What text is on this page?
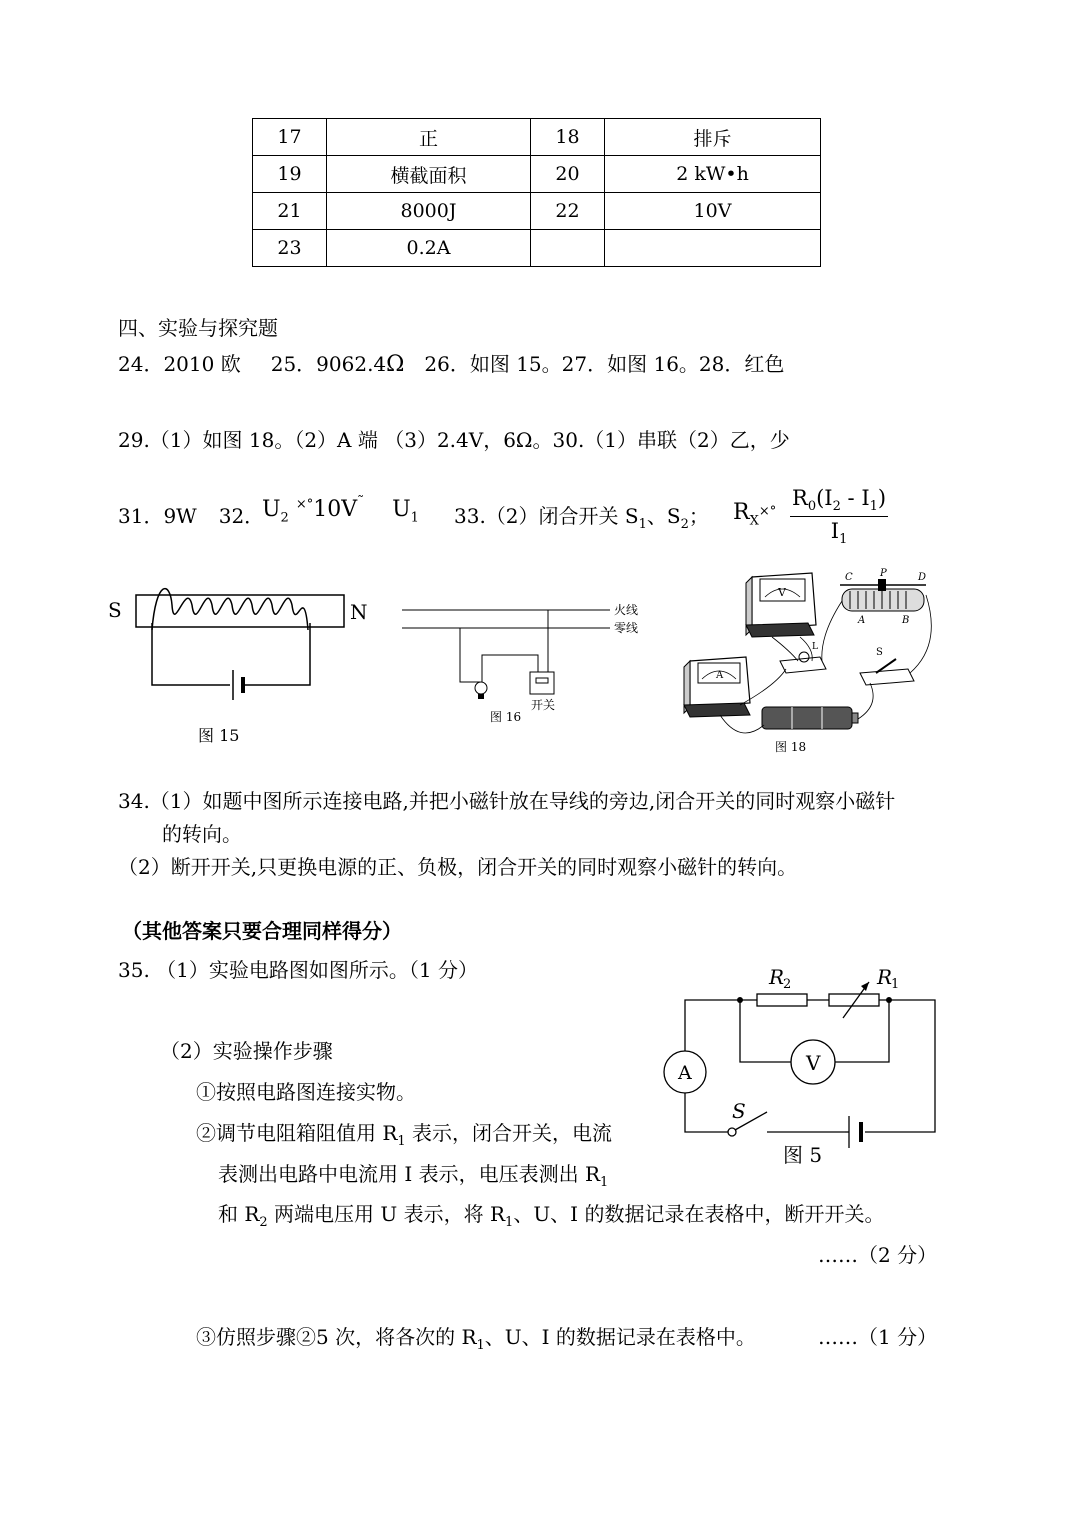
17	正	18	排斥
19	横截面积	20	2 kW•h
21	8000J	22	10V
23	0.2A		
四、实验与探究题
24．2010 欧 25．9062.4Ω 26．如图 15。27．如图 16。28．红色
29.（1）如图 18。（2）A 端 （3）2.4V，6Ω。30.（1）串联（2）乙，少
31．9W 32．
$U_2$ ×°10V˜ $U_1$ 33.（2）闭合开关 $S_1$、$S_2$； $R_X\times^\circ \frac{R_0(I_2 - I_1)}{I_1}$
S	N
图 15
火线
零线
图 16
开关
V
A
C	P	D
A	B
L	S
图 18
34.（1）如题中图所示连接电路,并把小磁针放在导线的旁边,闭合开关的同时观察小磁针
的转向。
（2）断开开关,只更换电源的正、负极，闭合开关的同时观察小磁针的转向。
（其他答案只要合理同样得分）
35. （1）实验电路图如图所示。（1 分）
（2）实验操作步骤
①按照电路图连接实物。
②调节电阻箱阻值用 $R_1$ 表示，闭合开关，电流
表测出电路中电流用 I 表示，电压表测出 $R_1$
和 $R_2$ 两端电压用 U 表示，将 $R_1$、U、I 的数据记录在表格中，断开开关。
……（2 分）
③仿照步骤②5 次，将各次的 $R_1$、U、I 的数据记录在表格中。	……（1 分）
V
A
R
2	R
1
S
图 5
